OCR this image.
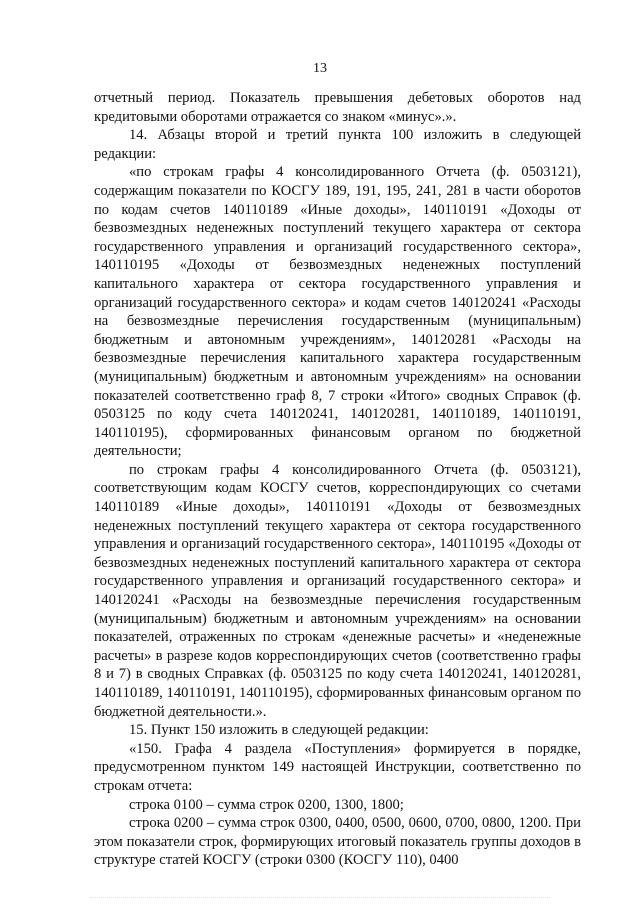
13

отчетный период. Показатель превышения дебетовых оборотов над кредитовыми оборотами отражается со знаком «минус».».

14. Абзацы второй и третий пункта 100 изложить в следующей редакции:

«по строкам графы 4 консолидированного Отчета (ф. 0503121), содержащим показатели по КОСГУ 189, 191, 195, 241, 281 в части оборотов по кодам счетов 140110189 «Иные доходы», 140110191 «Доходы от безвозмездных неденежных поступлений текущего характера от сектора государственного управления и организаций государственного сектора», 140110195 «Доходы от безвозмездных неденежных поступлений капитального характера от сектора государственного управления и организаций государственного сектора» и кодам счетов 140120241 «Расходы на безвозмездные перечисления государственным (муниципальным) бюджетным и автономным учреждениям», 140120281 «Расходы на безвозмездные перечисления капитального характера государственным (муниципальным) бюджетным и автономным учреждениям» на основании показателей соответственно граф 8, 7 строки «Итого» сводных Справок (ф. 0503125 по коду счета 140120241, 140120281, 140110189, 140110191, 140110195), сформированных финансовым органом по бюджетной деятельности;

по строкам графы 4 консолидированного Отчета (ф. 0503121), соответствующим кодам КОСГУ счетов, корреспондирующих со счетами 140110189 «Иные доходы», 140110191 «Доходы от безвозмездных неденежных поступлений текущего характера от сектора государственного управления и организаций государственного сектора», 140110195 «Доходы от безвозмездных неденежных поступлений капитального характера от сектора государственного управления и организаций государственного сектора» и 140120241 «Расходы на безвозмездные перечисления государственным (муниципальным) бюджетным и автономным учреждениям» на основании показателей, отраженных по строкам «денежные расчеты» и «неденежные расчеты» в разрезе кодов корреспондирующих счетов (соответственно графы 8 и 7) в сводных Справках (ф. 0503125 по коду счета 140120241, 140120281, 140110189, 140110191, 140110195), сформированных финансовым органом по бюджетной деятельности.».

15. Пункт 150 изложить в следующей редакции:

«150. Графа 4 раздела «Поступления» формируется в порядке, предусмотренном пунктом 149 настоящей Инструкции, соответственно по строкам отчета:

строка 0100 – сумма строк 0200, 1300, 1800;

строка 0200 – сумма строк 0300, 0400, 0500, 0600, 0700, 0800, 1200. При этом показатели строк, формирующих итоговый показатель группы доходов в структуре статей КОСГУ (строки 0300 (КОСГУ 110), 0400
